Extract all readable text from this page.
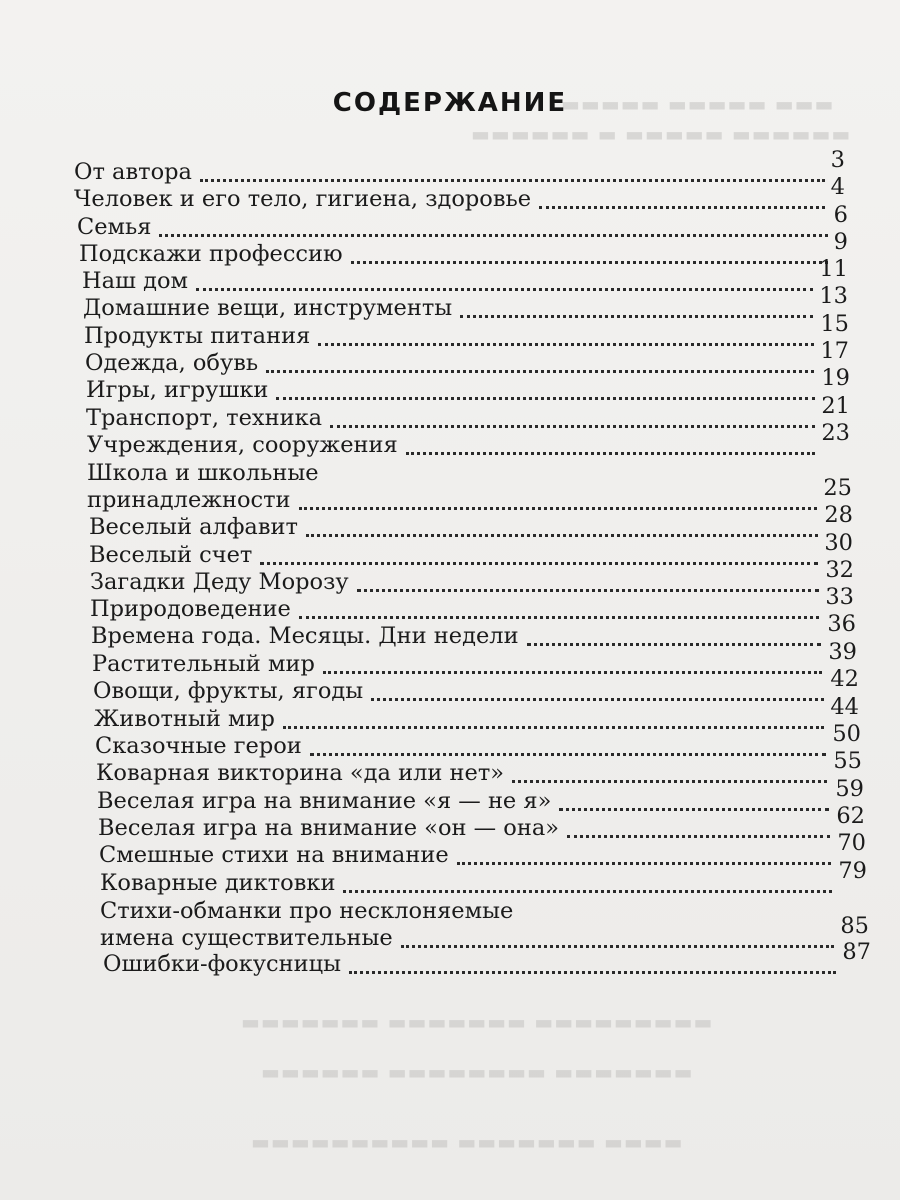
▬▬▬ ▬▬▬▬▬ ▬▬▬▬▬
▬▬▬▬▬▬ ▬▬▬▬▬ ▬ ▬▬▬▬▬▬
▬▬▬▬▬▬▬▬▬ ▬▬▬▬▬▬▬ ▬▬▬▬▬▬▬
▬▬▬▬▬▬▬ ▬▬▬▬▬▬▬▬ ▬▬▬▬▬▬
▬▬▬▬ ▬▬▬▬▬▬▬ ▬▬▬▬▬▬▬▬▬▬
СОДЕРЖАНИЕ
От автора	3
Человек и его тело, гигиена, здоровье	4
Семья	6
Подскажи профессию	9
Наш дом	11
Домашние вещи, инструменты	13
Продукты питания	15
Одежда, обувь	17
Игры, игрушки	19
Транспорт, техника	21
Учреждения, сооружения	23
Школа и школьные
принадлежности	25
Веселый алфавит	28
Веселый счет	30
Загадки Деду Морозу	32
Природоведение	33
Времена года. Месяцы. Дни недели	36
Растительный мир	39
Овощи, фрукты, ягоды	42
Животный мир	44
Сказочные герои	50
Коварная викторина «да или нет»	55
Веселая игра на внимание «я — не я»	59
Веселая игра на внимание «он — она»	62
Смешные стихи на внимание	70
Коварные диктовки	79
Стихи-обманки про несклоняемые
имена существительные	85
Ошибки-фокусницы	87
